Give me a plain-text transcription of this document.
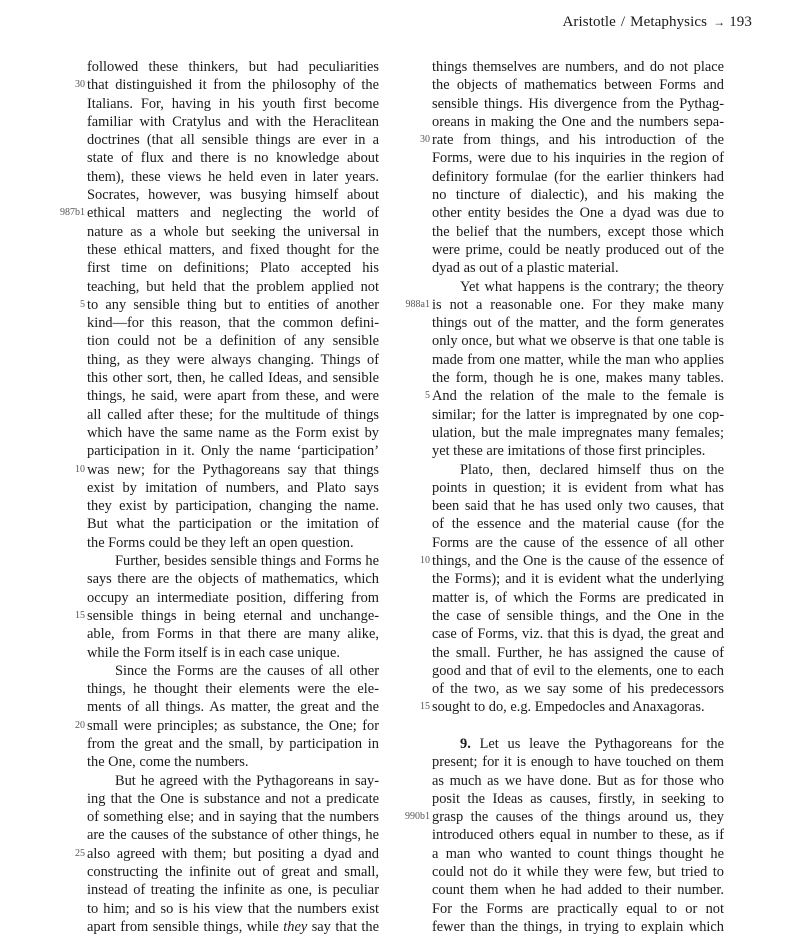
Aristotle / Metaphysics → 193
followed these thinkers, but had peculiarities
30 that distinguished it from the philosophy of the
Italians. For, having in his youth first become
familiar with Cratylus and with the Heraclitean
doctrines (that all sensible things are ever in a
state of flux and there is no knowledge about
them), these views he held even in later years.
Socrates, however, was busying himself about
987b1 ethical matters and neglecting the world of
nature as a whole but seeking the universal in
these ethical matters, and fixed thought for the
first time on definitions; Plato accepted his
teaching, but held that the problem applied not
5 to any sensible thing but to entities of another
kind—for this reason, that the common defini-
tion could not be a definition of any sensible
thing, as they were always changing. Things of
this other sort, then, he called Ideas, and sensible
things, he said, were apart from these, and were
all called after these; for the multitude of things
which have the same name as the Form exist by
participation in it. Only the name ‘participation’
10 was new; for the Pythagoreans say that things
exist by imitation of numbers, and Plato says
they exist by participation, changing the name.
But what the participation or the imitation of
the Forms could be they left an open question.
Further, besides sensible things and Forms he
says there are the objects of mathematics, which
occupy an intermediate position, differing from
15 sensible things in being eternal and unchange-
able, from Forms in that there are many alike,
while the Form itself is in each case unique.
Since the Forms are the causes of all other
things, he thought their elements were the ele-
ments of all things. As matter, the great and the
20 small were principles; as substance, the One; for
from the great and the small, by participation in
the One, come the numbers.
But he agreed with the Pythagoreans in say-
ing that the One is substance and not a predicate
of something else; and in saying that the numbers
are the causes of the substance of other things, he
25 also agreed with them; but positing a dyad and
constructing the infinite out of great and small,
instead of treating the infinite as one, is peculiar
to him; and so is his view that the numbers exist
apart from sensible things, while they say that the
things themselves are numbers, and do not place
the objects of mathematics between Forms and
sensible things. His divergence from the Pythag-
oreans in making the One and the numbers sepa-
30 rate from things, and his introduction of the
Forms, were due to his inquiries in the region of
definitory formulae (for the earlier thinkers had
no tincture of dialectic), and his making the
other entity besides the One a dyad was due to
the belief that the numbers, except those which
were prime, could be neatly produced out of the
dyad as out of a plastic material.
Yet what happens is the contrary; the theory
988a1 is not a reasonable one. For they make many
things out of the matter, and the form generates
only once, but what we observe is that one table is
made from one matter, while the man who applies
the form, though he is one, makes many tables.
5 And the relation of the male to the female is
similar; for the latter is impregnated by one cop-
ulation, but the male impregnates many females;
yet these are imitations of those first principles.
Plato, then, declared himself thus on the
points in question; it is evident from what has
been said that he has used only two causes, that
of the essence and the material cause (for the
Forms are the cause of the essence of all other
10 things, and the One is the cause of the essence of
the Forms); and it is evident what the underlying
matter is, of which the Forms are predicated in
the case of sensible things, and the One in the
case of Forms, viz. that this is dyad, the great and
the small. Further, he has assigned the cause of
good and that of evil to the elements, one to each
of the two, as we say some of his predecessors
15 sought to do, e.g. Empedocles and Anaxagoras.
9. Let us leave the Pythagoreans for the
present; for it is enough to have touched on them
as much as we have done. But as for those who
posit the Ideas as causes, firstly, in seeking to
990b1 grasp the causes of the things around us, they
introduced others equal in number to these, as if
a man who wanted to count things thought he
could not do it while they were few, but tried to
count them when he had added to their number.
For the Forms are practically equal to or not
fewer than the things, in trying to explain which
